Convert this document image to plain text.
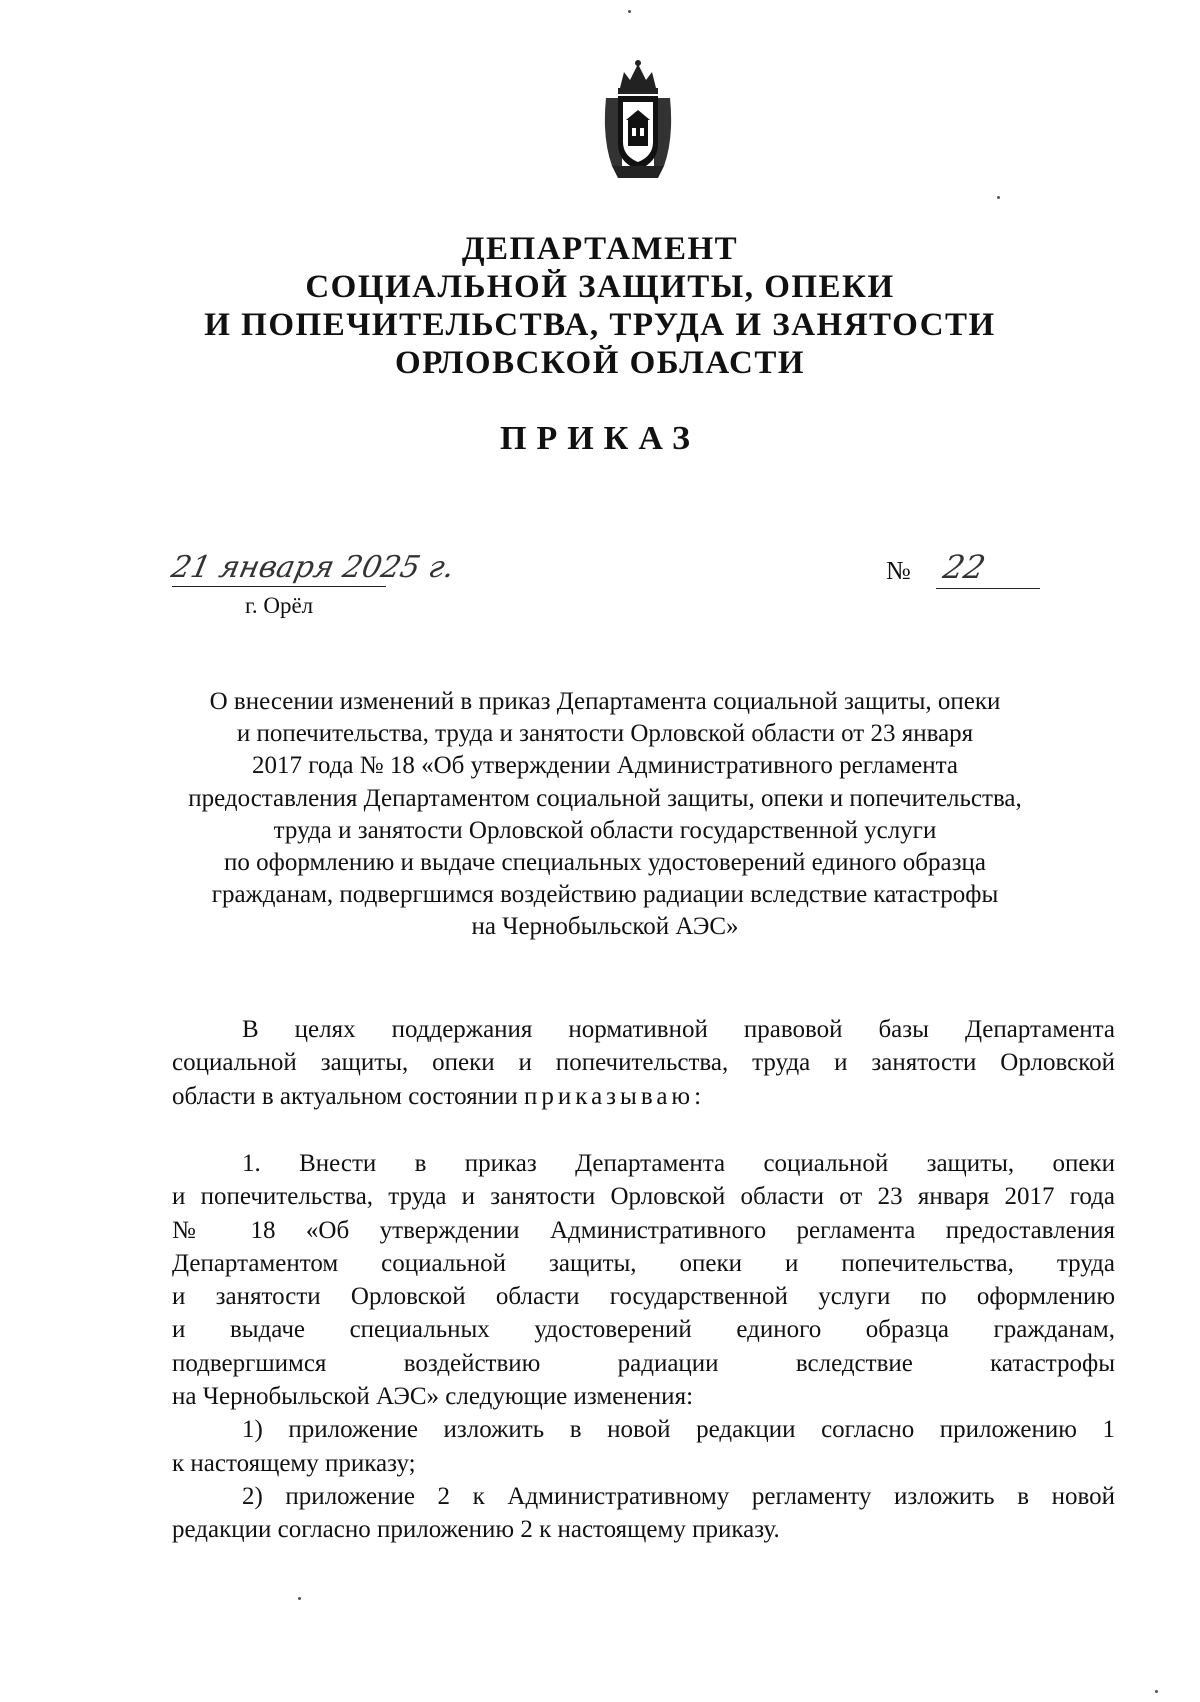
ДЕПАРТАМЕНТ
СОЦИАЛЬНОЙ ЗАЩИТЫ, ОПЕКИ
И ПОПЕЧИТЕЛЬСТВА, ТРУДА И ЗАНЯТОСТИ
ОРЛОВСКОЙ ОБЛАСТИ
ПРИКАЗ
21 января 2025 г.
г. Орёл
№ 22
О внесении изменений в приказ Департамента социальной защиты, опеки
и попечительства, труда и занятости Орловской области от 23 января
2017 года № 18 «Об утверждении Административного регламента
предоставления Департаментом социальной защиты, опеки и попечительства,
труда и занятости Орловской области государственной услуги
по оформлению и выдаче специальных удостоверений единого образца
гражданам, подвергшимся воздействию радиации вследствие катастрофы
на Чернобыльской АЭС»
В целях поддержания нормативной правовой базы Департамента
социальной защиты, опеки и попечительства, труда и занятости Орловской
области в актуальном состоянии приказываю:
1. Внести в приказ Департамента социальной защиты, опеки
и попечительства, труда и занятости Орловской области от 23 января 2017 года
№ 18 «Об утверждении Административного регламента предоставления
Департаментом социальной защиты, опеки и попечительства, труда
и занятости Орловской области государственной услуги по оформлению
и выдаче специальных удостоверений единого образца гражданам,
подвергшимся воздействию радиации вследствие катастрофы
на Чернобыльской АЭС» следующие изменения:
1) приложение изложить в новой редакции согласно приложению 1
к настоящему приказу;
2) приложение 2 к Административному регламенту изложить в новой
редакции согласно приложению 2 к настоящему приказу.
